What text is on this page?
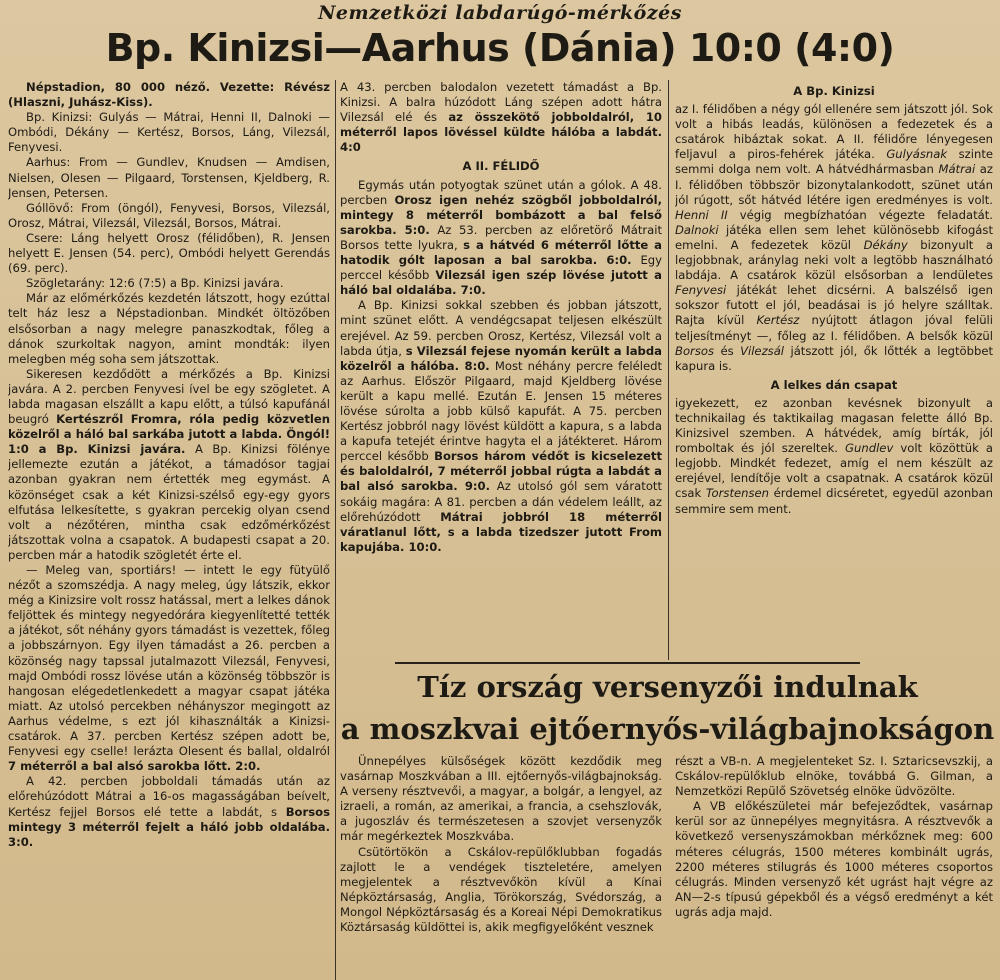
Nemzetközi labdarúgó-mérkőzés
Bp. Kinizsi—Aarhus (Dánia) 10:0 (4:0)

Népstadion, 80 000 néző. Vezette: Révész (Hlaszni, Juhász-Kiss).

Bp. Kinizsi: Gulyás — Mátrai, Henni II, Dalnoki — Ombódi, Dékány — Kertész, Borsos, Láng, Vilezsál, Fenyvesi.

Aarhus: From — Gundlev, Knudsen — Amdisen, Nielsen, Olesen — Pilgaard, Torstensen, Kjeldberg, R. Jensen, Petersen.

Góllövő: From (öngól), Fenyvesi, Borsos, Vilezsál, Orosz, Mátrai, Vilezsál, Vilezsál, Borsos, Mátrai.

Csere: Láng helyett Orosz (félidőben), R. Jensen helyett E. Jensen (54. perc), Ombódi helyett Gerendás (69. perc).

Szögletarány: 12:6 (7:5) a Bp. Kinizsi javára.

Már az előmérkőzés kezdetén látszott, hogy ezúttal telt ház lesz a Népstadionban. Mindkét öltözőben elsősorban a nagy melegre panaszkodtak, főleg a dánok szurkoltak nagyon, amint mondták: ilyen melegben még soha sem játszottak.

Sikeresen kezdődött a mérkőzés a Bp. Kinizsi javára. A 2. percben Fenyvesi ível be egy szögletet. A labda magasan elszállt a kapu előtt, a túlsó kapufánál beugró Kertészről Fromra, róla pedig közvetlen közelről a háló bal sarkába jutott a labda. Öngól! 1:0 a Bp. Kinizsi javára. A Bp. Kinizsi fölénye jellemezte ezután a játékot, a támadósor tagjai azonban gyakran nem értették meg egymást. A közönséget csak a két Kinizsi-szélső egy-egy gyors elfutása lelkesítette, s gyakran percekig olyan csend volt a nézőtéren, mintha csak edzőmérkőzést játszottak volna a csapatok. A budapesti csapat a 20. percben már a hatodik szögletét érte el.

— Meleg van, sportiárs! — intett le egy fütyülő nézőt a szomszédja. A nagy meleg, úgy látszik, ekkor még a Kinizsire volt rossz hatással, mert a lelkes dánok feljöttek és mintegy negyedórára kiegyenlítetté tették a játékot, sőt néhány gyors támadást is vezettek, főleg a jobbszárnyon. Egy ilyen támadást a 26. percben a közönség nagy tapssal jutalmazott Vilezsál, Fenyvesi, majd Ombódi rossz lövése után a közönség többször is hangosan elégedetlenkedett a magyar csapat játéka miatt. Az utolsó percekben néhányszor megingott az Aarhus védelme, s ezt jól kihasználták a Kinizsi-csatárok. A 37. percben Kertész szépen adott be, Fenyvesi egy cselle! lerázta Olesent és ballal, oldalról 7 méterről a bal alsó sarokba lőtt. 2:0.

A 42. percben jobboldali támadás után az előrehúzódott Mátrai a 16-os magasságában beívelt, Kertész fejjel Borsos elé tette a labdát, s Borsos mintegy 3 méterről fejelt a háló jobb oldalába. 3:0.

A 43. percben balodalon vezetett támadást a Bp. Kinizsi. A balra húzódott Láng szépen adott hátra Vilezsál elé és az összekötő jobboldalról, 10 méterről lapos lövéssel küldte hálóba a labdát. 4:0

A II. FÉLIDŐ

Egymás után potyogtak szünet után a gólok. A 48. percben Orosz igen nehéz szögből jobboldalról, mintegy 8 méterről bombázott a bal felső sarokba. 5:0. Az 53. percben az előretörő Mátrait Borsos tette lyukra, s a hátvéd 6 méterről lőtte a hatodik gólt laposan a bal sarokba. 6:0. Egy perccel később Vilezsál igen szép lövése jutott a háló bal oldalába. 7:0.

A Bp. Kinizsi sokkal szebben és jobban játszott, mint szünet előtt. A vendégcsapat teljesen elkészült erejével. Az 59. percben Orosz, Kertész, Vilezsál volt a labda útja, s Vilezsál fejese nyomán került a labda közelről a hálóba. 8:0. Most néhány percre feléledt az Aarhus. Először Pilgaard, majd Kjeldberg lövése került a kapu mellé. Ezután E. Jensen 15 méteres lövése súrolta a jobb külső kapufát. A 75. percben Kertész jobbról nagy lövést küldött a kapura, s a labda a kapufa tetejét érintve hagyta el a játékteret. Három perccel később Borsos három védőt is kicselezett és baloldalról, 7 méterről jobbal rúgta a labdát a bal alsó sarokba. 9:0. Az utolsó gól sem váratott sokáig magára: A 81. percben a dán védelem leállt, az előrehúzódott Mátrai jobbról 18 méterről váratlanul lőtt, s a labda tizedszer jutott From kapujába. 10:0.

A Bp. Kinizsi

az I. félidőben a négy gól ellenére sem játszott jól. Sok volt a hibás leadás, különösen a fedezetek és a csatárok hibáztak sokat. A II. félidőre lényegesen feljavul a piros-fehérek játéka. Gulyásnak szinte semmi dolga nem volt. A hátvédhármasban Mátrai az I. félidőben többször bizonytalankodott, szünet után jól rúgott, sőt hátvéd létére igen eredményes is volt. Henni II végig megbízhatóan végezte feladatát. Dalnoki játéka ellen sem lehet különösebb kifogást emelni. A fedezetek közül Dékány bizonyult a legjobbnak, aránylag neki volt a legtöbb használható labdája. A csatárok közül elsősorban a lendületes Fenyvesi játékát lehet dicsérni. A balszélső igen sokszor futott el jól, beadásai is jó helyre szálltak. Rajta kívül Kertész nyújtott átlagon jóval felüli teljesítményt —, főleg az I. félidőben. A belsők közül Borsos és Vilezsál játszott jól, ők lőtték a legtöbbet kapura is.

A lelkes dán csapat

igyekezett, ez azonban kevésnek bizonyult a technikailag és taktikailag magasan felette álló Bp. Kinizsivel szemben. A hátvédek, amíg bírták, jól romboltak és jól szereltek. Gundlev volt közöttük a legjobb. Mindkét fedezet, amíg el nem készült az erejével, lendítője volt a csapatnak. A csatárok közül csak Torstensen érdemel dicséretet, egyedül azonban semmire sem ment.

Tíz ország versenyzői indulnak
a moszkvai ejtőernyős-világbajnokságon

Ünnepélyes külsőségek között kezdődik meg vasárnap Moszkvában a III. ejtőernyős-világbajnokság. A verseny résztvevői, a magyar, a bolgár, a lengyel, az izraeli, a román, az amerikai, a francia, a csehszlovák, a jugoszláv és természetesen a szovjet versenyzők már megérkeztek Moszkvába.

Csütörtökön a Cskálov-repülőklubban fogadás zajlott le a vendégek tiszteletére, amelyen megjelentek a résztvevőkön kívül a Kínai Népköztársaság, Anglia, Törökország, Svédország, a Mongol Népköztársaság és a Koreai Népi Demokratikus Köztársaság küldöttei is, akik megfigyelőként vesznek

részt a VB-n. A megjelenteket Sz. I. Sztaricsevszkij, a Cskálov-repülőklub elnöke, továbbá G. Gilman, a Nemzetközi Repülő Szövetség elnöke üdvözölte.

A VB előkészületei már befejeződtek, vasárnap kerül sor az ünnepélyes megnyitásra. A résztvevők a következő versenyszámokban mérkőznek meg: 600 méteres célugrás, 1500 méteres kombinált ugrás, 2200 méteres stilugrás és 1000 méteres csoportos célugrás. Minden versenyző két ugrást hajt végre az AN—2-s típusú gépekből és a végső eredményt a két ugrás adja majd.
